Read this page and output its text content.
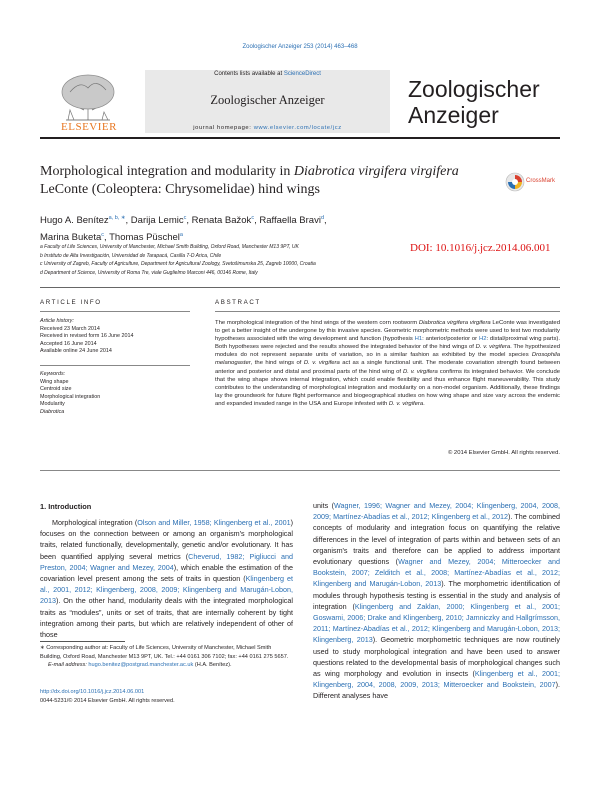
Zoologischer Anzeiger 253 (2014) 463–468
ELSEVIER
Contents lists available at ScienceDirect
Zoologischer Anzeiger
journal homepage: www.elsevier.com/locate/jcz
Zoologischer
Anzeiger
Morphological integration and modularity in Diabrotica virgifera virgifera LeConte (Coleoptera: Chrysomelidae) hind wings
CrossMark
Hugo A. Benítez$^{a, b, ∗}$, Darija Lemic$^c$, Renata Bažok$^c$, Raffaella Bravi$^d$,
Marina Buketa$^c$, Thomas Püschel$^a$
DOI: 10.1016/j.jcz.2014.06.001
a Faculty of Life Sciences, University of Manchester, Michael Smith Building, Oxford Road, Manchester M13 9PT, UK
b Instituto de Alta Investigación, Universidad de Tarapacá, Casilla 7-D Arica, Chile
c University of Zagreb, Faculty of Agriculture, Department for Agricultural Zoology, Svetošimunska 25, Zagreb 10000, Croatia
d Department of Science, University of Roma Tre, viale Guglielmo Marconi 446, 00146 Rome, Italy
ARTICLE INFO	ABSTRACT
Article history:
Received 23 March 2014
Received in revised form 16 June 2014
Accepted 16 June 2014
Available online 24 June 2014
Keywords:
Wing shape
Centroid size
Morphological integration
Modularity
Diabrotica

The morphological integration of the hind wings of the western corn rootworm Diabrotica virgifera virgifera LeConte was investigated to get a better insight of the undergone by this invasive species. Geometric morphometric methods were used to test two modularity hypotheses associated with the wing development and function (hypothesis H1: anterior/posterior or H2: distal/proximal wing parts). Both hypotheses were rejected and the results showed the integrated behavior of the hind wings of D. v. virgifera. The hypothesized modules do not represent separate units of variation, so in a similar fashion as exhibited by the model species Drosophila melanogaster, the hind wings of D. v. virgifera act as a single functional unit. The moderate covariation strength found between anterior and posterior and distal and proximal parts of the hind wing of D. v. virgifera confirms its integrated behavior. We conclude that the wing shape shows internal integration, which could enable flexibility and thus enhance flight maneuverability. This study contributes to the understanding of morphological integration and modularity on a non-model organism. Additionally, these findings lay the groundwork for future flight performance and biogeographical studies on how wing shape and size vary across the endemic and expanded invaded range in the USA and Europe infested with D. v. virgifera.

© 2014 Elsevier GmbH. All rights reserved.
1. Introduction

Morphological integration (Olson and Miller, 1958; Klingenberg et al., 2001) focuses on the connection between or among an organism's morphological traits, related functionally, developmentally, genetic and/or evolutionary. It has been quantified applying several metrics (Cheverud, 1982; Pigliucci and Preston, 2004; Wagner and Mezey, 2004), which enable the estimation of the covariation level present among the sets of traits in question (Klingenberg et al., 2001, 2012; Klingenberg, 2008, 2009; Klingenberg and Marugán-Lobon, 2013). On the other hand, modularity deals with the integrated morphological traits as “modules”, units or set of traits, that are internally coherent by tight integration among their parts, but which are relatively independent of other of those

units (Wagner, 1996; Wagner and Mezey, 2004; Klingenberg, 2004, 2008, 2009; Martínez-Abadías et al., 2012; Klingenberg et al., 2012). The combined concepts of modularity and integration focus on quantifying the relative differences in the level of integration of parts within and between sets of an organism's traits and therefore can be applied to address important evolutionary questions (Wagner and Mezey, 2004; Mitteroecker and Bookstein, 2007; Zelditch et al., 2008; Martínez-Abadías et al., 2012; Klingenberg and Marugán-Lobon, 2013). The morphometric identification of modules through hypothesis testing is essential in the study and analysis of integration (Klingenberg and Zaklan, 2000; Klingenberg et al., 2001; Goswami, 2006; Drake and Klingenberg, 2010; Jamniczky and Hallgrímsson, 2011; Martínez-Abadías et al., 2012; Klingenberg and Marugán-Lobon, 2013; Klingenberg, 2013). Geometric morphometric techniques are now routinely used to study morphological integration and have been used to answer questions related to the developmental basis of morphological changes such as wing morphology and evolution in insects (Klingenberg et al., 2001; Klingenberg, 2004, 2008, 2009, 2013; Mitteroecker and Bookstein, 2007). Different analyses have

∗ Corresponding author at: Faculty of Life Sciences, University of Manchester, Michael Smith Building, Oxford Road, Manchester M13 9PT, UK. Tel.: +44 0161 306 7102; fax: +44 0161 275 5657.

E-mail address: hugo.benitez@postgrad.manchester.ac.uk (H.A. Benítez).

http://dx.doi.org/10.1016/j.jcz.2014.06.001
0044-5231/© 2014 Elsevier GmbH. All rights reserved.
